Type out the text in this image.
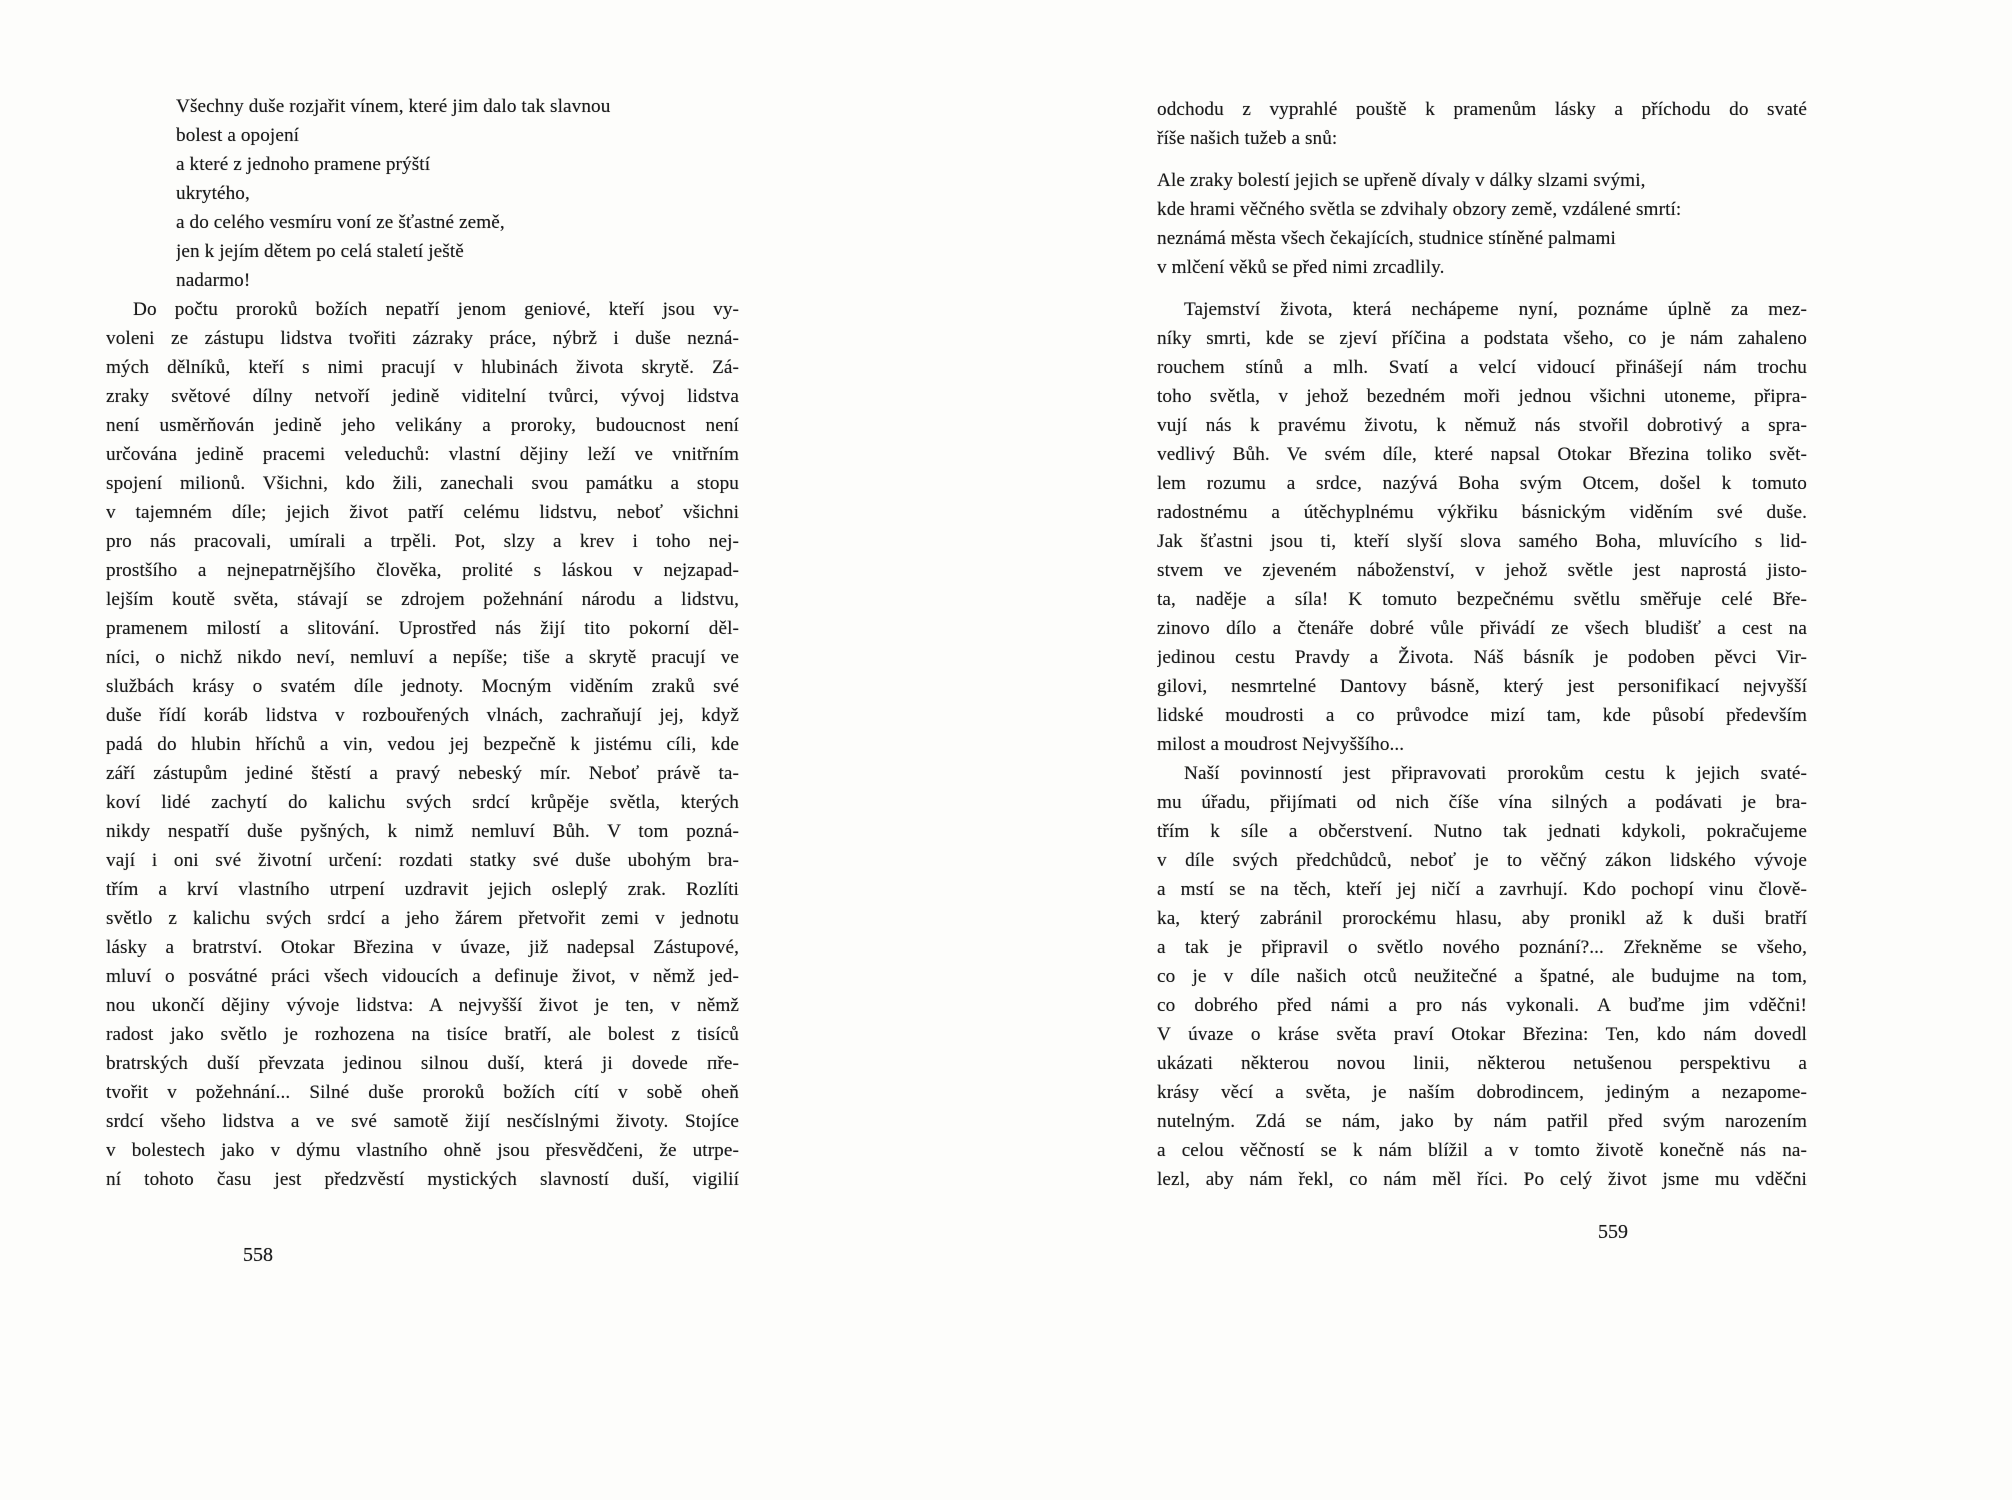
Všechny duše rozjařit vínem, které jim dalo tak slavnou
bolest a opojení
a které z jednoho pramene prýští
ukrytého,
a do celého vesmíru voní ze šťastné země,
jen k jejím dětem po celá staletí ještě
nadarmo!
Do počtu proroků božích nepatří jenom geniové, kteří jsou vy-
voleni ze zástupu lidstva tvořiti zázraky práce, nýbrž i duše nezná-
mých dělníků, kteří s nimi pracují v hlubinách života skrytě. Zá-
zraky světové dílny netvoří jedině viditelní tvůrci, vývoj lidstva
není usměrňován jedině jeho velikány a proroky, budoucnost není
určována jedině pracemi veleduchů: vlastní dějiny leží ve vnitřním
spojení milionů. Všichni, kdo žili, zanechali svou památku a stopu
v tajemném díle; jejich život patří celému lidstvu, neboť všichni
pro nás pracovali, umírali a trpěli. Pot, slzy a krev i toho nej-
prostšího a nejnepatrnějšího člověka, prolité s láskou v nejzapad-
lejším koutě světa, stávají se zdrojem požehnání národu a lidstvu,
pramenem milostí a slitování. Uprostřed nás žijí tito pokorní děl-
níci, o nichž nikdo neví, nemluví a nepíše; tiše a skrytě pracují ve
službách krásy o svatém díle jednoty. Mocným viděním zraků své
duše řídí koráb lidstva v rozbouřených vlnách, zachraňují jej, když
padá do hlubin hříchů a vin, vedou jej bezpečně k jistému cíli, kde
září zástupům jediné štěstí a pravý nebeský mír. Neboť právě ta-
koví lidé zachytí do kalichu svých srdcí krůpěje světla, kterých
nikdy nespatří duše pyšných, k nimž nemluví Bůh. V tom pozná-
vají i oni své životní určení: rozdati statky své duše ubohým bra-
třím a krví vlastního utrpení uzdravit jejich osleplý zrak. Rozlíti
světlo z kalichu svých srdcí a jeho žárem přetvořit zemi v jednotu
lásky a bratrství. Otokar Březina v úvaze, již nadepsal Zástupové,
mluví o posvátné práci všech vidoucích a definuje život, v němž jed-
nou ukončí dějiny vývoje lidstva: A nejvyšší život je ten, v němž
radost jako světlo je rozhozena na tisíce bratří, ale bolest z tisíců
bratrských duší převzata jedinou silnou duší, která ji dovede пře-
tvořit v požehnání... Silné duše proroků božích cítí v sobě oheň
srdcí všeho lidstva a ve své samotě žijí nesčíslnými životy. Stojíce
v bolestech jako v dýmu vlastního ohně jsou přesvědčeni, že utrpe-
ní tohoto času jest předzvěstí mystických slavností duší, vigilií
558
odchodu z vyprahlé pouště k pramenům lásky a příchodu do svaté
říše našich tužeb a snů:
Ale zraky bolestí jejich se upřeně dívaly v dálky slzami svými,
kde hrami věčného světla se zdvihaly obzory země, vzdálené smrtí:
neznámá města všech čekajících, studnice stíněné palmami
v mlčení věků se před nimi zrcadlily.
Tajemství života, která nechápeme nyní, poznáme úplně za mez-
níky smrti, kde se zjeví příčina a podstata všeho, co je nám zahaleno
rouchem stínů a mlh. Svatí a velcí vidoucí přinášejí nám trochu
toho světla, v jehož bezedném moři jednou všichni utoneme, připra-
vují nás k pravému životu, k němuž nás stvořil dobrotivý a spra-
vedlivý Bůh. Ve svém díle, které napsal Otokar Březina toliko svět-
lem rozumu a srdce, nazývá Boha svým Otcem, došel k tomuto
radostnému a útěchyplnému výkřiku básnickým viděním své duše.
Jak šťastni jsou ti, kteří slyší slova samého Boha, mluvícího s lid-
stvem ve zjeveném náboženství, v jehož světle jest naprostá jisto-
ta, naděje a síla! K tomuto bezpečnému světlu směřuje celé Bře-
zinovo dílo a čtenáře dobré vůle přivádí ze všech bludišť a cest na
jedinou cestu Pravdy a Života. Náš básník je podoben pěvci Vir-
gilovi, nesmrtelné Dantovy básně, který jest personifikací nejvyšší
lidské moudrosti a co průvodce mizí tam, kde působí především
milost a moudrost Nejvyššího...
Naší povinností jest připravovati prorokům cestu k jejich svaté-
mu úřadu, přijímati od nich číše vína silných a podávati je bra-
třím k síle a občerstvení. Nutno tak jednati kdykoli, pokračujeme
v díle svých předchůdců, neboť je to věčný zákon lidského vývoje
a mstí se na těch, kteří jej ničí a zavrhují. Kdo pochopí vinu člově-
ka, který zabránil prorockému hlasu, aby pronikl až k duši bratří
a tak je připravil o světlo nového poznání?... Zřekněme se všeho,
co je v díle našich otců neužitečné a špatné, ale budujme na tom,
co dobrého před námi a pro nás vykonali. A buďme jim vděčni!
V úvaze o kráse světa praví Otokar Březina: Ten, kdo nám dovedl
ukázati některou novou linii, některou netušenou perspektivu a
krásy věcí a světa, je naším dobrodincem, jediným a nezapome-
nutelným. Zdá se nám, jako by nám patřil před svým narozením
a celou věčností se k nám blížil a v tomto životě konečně nás na-
lezl, aby nám řekl, co nám měl říci. Po celý život jsme mu vděčni
559
